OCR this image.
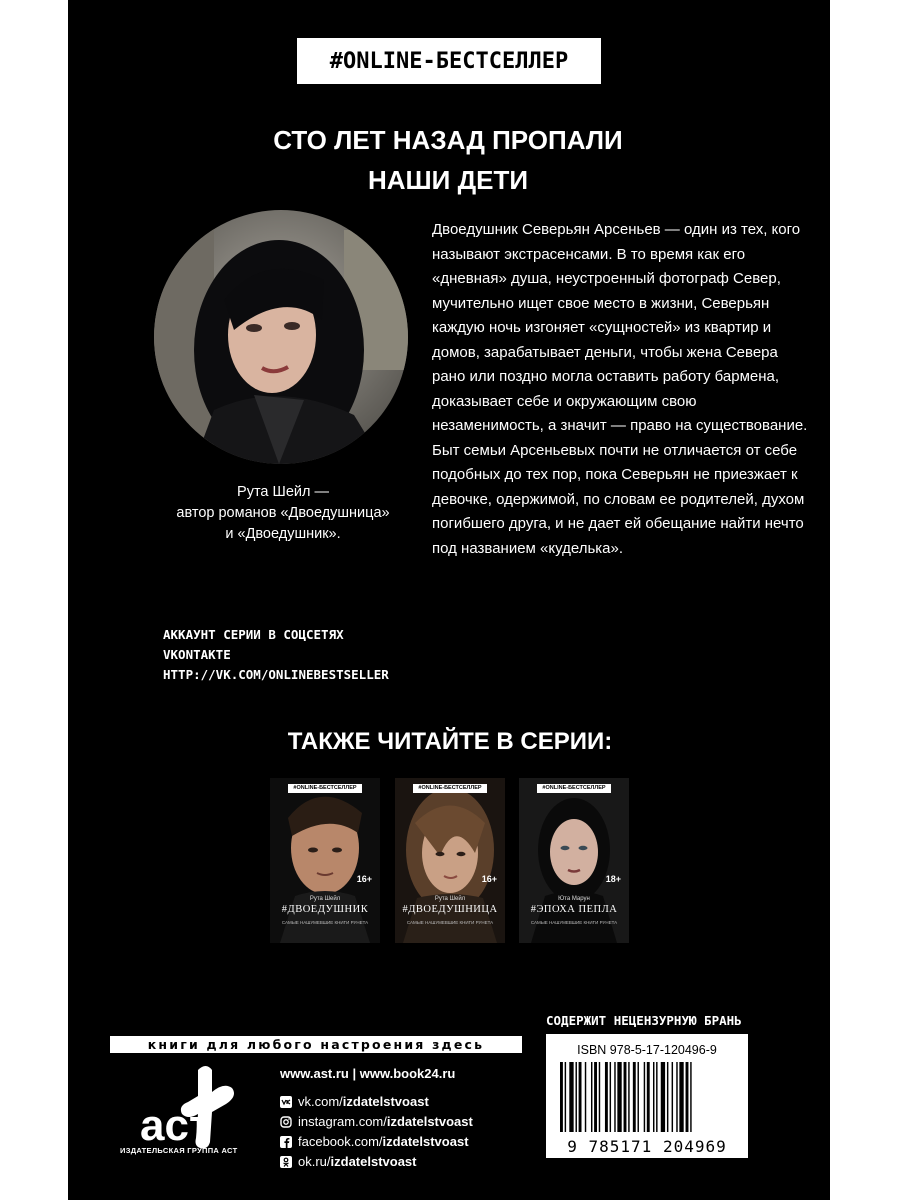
#ONLINE-БЕСТСЕЛЛЕР
СТО ЛЕТ НАЗАД ПРОПАЛИ
НАШИ ДЕТИ
Рута Шейл —
автор романов «Двоедушница»
и «Двоедушник».
Двоедушник Северьян Арсеньев — один из тех, кого называют экстрасенсами. В то время как его «дневная» душа, неустроенный фотограф Север, мучительно ищет свое место в жизни, Северьян каждую ночь изгоняет «сущностей» из квартир и домов, зарабатывает деньги, чтобы жена Севера рано или поздно могла оставить работу бармена, доказывает себе и окружающим свою незаменимость, а значит — право на существование. Быт семьи Арсеньевых почти не отличается от себе подобных до тех пор, пока Северьян не приезжает к девочке, одержимой, по словам ее родителей, духом погибшего друга, и не дает ей обещание найти нечто под названием «куделька».
АККАУНТ СЕРИИ В СОЦСЕТЯХ
VKONTAKTE
HTTP://VK.COM/ONLINEBESTSELLER
ТАКЖЕ ЧИТАЙТЕ В СЕРИИ:
#ONLINE-БЕСТСЕЛЛЕР
16+
Рута Шейл
#ДВОЕДУШНИК
САМЫЕ НАШУМЕВШИЕ КНИГИ РУНЕТА
#ONLINE-БЕСТСЕЛЛЕР
16+
Рута Шейл
#ДВОЕДУШНИЦА
САМЫЕ НАШУМЕВШИЕ КНИГИ РУНЕТА
#ONLINE-БЕСТСЕЛЛЕР
18+
Юта Марун
#ЭПОХА ПЕПЛА
САМЫЕ НАШУМЕВШИЕ КНИГИ РУНЕТА
книги для любого настроения здесь
СОДЕРЖИТ НЕЦЕНЗУРНУЮ БРАНЬ
аст
ИЗДАТЕЛЬСКАЯ ГРУППА АСТ
www.ast.ru | www.book24.ru
vk.com/ izdatelstvoast
instagram.com/ izdatelstvoast
facebook.com/ izdatelstvoast
ok.ru/ izdatelstvoast
ISBN 978-5-17-120496-9
9 785171 204969
